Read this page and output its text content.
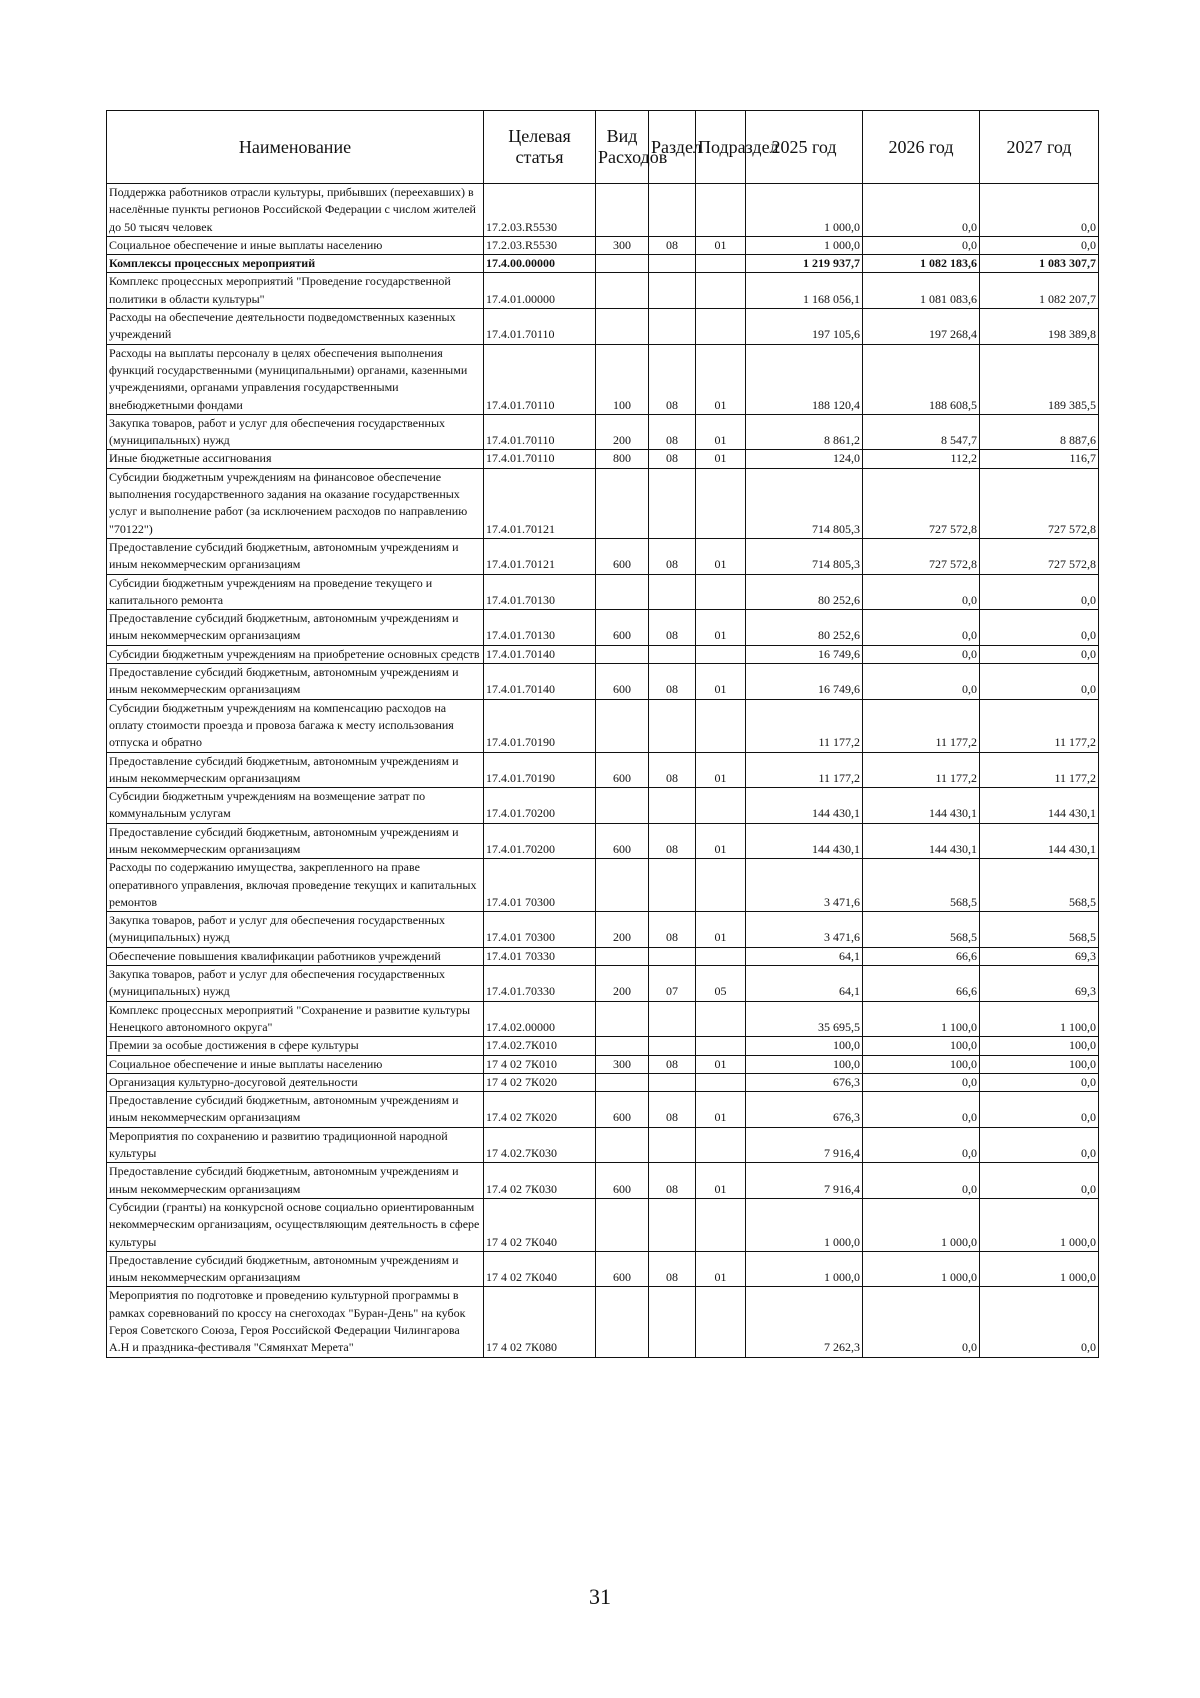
Наименование	Целевая статья	Вид Расходов	Раздел	Подраздел	2025 год	2026 год	2027 год
Поддержка работников отрасли культуры, прибывших (переехавших) в населённые пункты регионов Российской Федерации с числом жителей до 50 тысяч человек	17.2.03.R5530				1 000,0	0,0	0,0
Социальное обеспечение и иные выплаты населению	17.2.03.R5530	300	08	01	1 000,0	0,0	0,0
Комплексы процессных мероприятий	17.4.00.00000				1 219 937,7	1 082 183,6	1 083 307,7
Комплекс процессных мероприятий "Проведение государственной политики в области культуры"	17.4.01.00000				1 168 056,1	1 081 083,6	1 082 207,7
Расходы на обеспечение деятельности подведомственных казенных учреждений	17.4.01.70110				197 105,6	197 268,4	198 389,8
Расходы на выплаты персоналу в целях обеспечения выполнения функций государственными (муниципальными) органами, казенными учреждениями, органами управления государственными внебюджетными фондами	17.4.01.70110	100	08	01	188 120,4	188 608,5	189 385,5
Закупка товаров, работ и услуг для обеспечения государственных (муниципальных) нужд	17.4.01.70110	200	08	01	8 861,2	8 547,7	8 887,6
Иные бюджетные ассигнования	17.4.01.70110	800	08	01	124,0	112,2	116,7
Субсидии бюджетным учреждениям на финансовое обеспечение выполнения государственного задания на оказание государственных услуг и выполнение работ (за исключением расходов по направлению "70122")	17.4.01.70121				714 805,3	727 572,8	727 572,8
Предоставление субсидий бюджетным, автономным учреждениям и иным некоммерческим организациям	17.4.01.70121	600	08	01	714 805,3	727 572,8	727 572,8
Субсидии бюджетным учреждениям на проведение текущего и капитального ремонта	17.4.01.70130				80 252,6	0,0	0,0
Предоставление субсидий бюджетным, автономным учреждениям и иным некоммерческим организациям	17.4.01.70130	600	08	01	80 252,6	0,0	0,0
Субсидии бюджетным учреждениям на приобретение основных средств	17.4.01.70140				16 749,6	0,0	0,0
Предоставление субсидий бюджетным, автономным учреждениям и иным некоммерческим организациям	17.4.01.70140	600	08	01	16 749,6	0,0	0,0
Субсидии бюджетным учреждениям на компенсацию расходов на оплату стоимости проезда и провоза багажа к месту использования отпуска и обратно	17.4.01.70190				11 177,2	11 177,2	11 177,2
Предоставление субсидий бюджетным, автономным учреждениям и иным некоммерческим организациям	17.4.01.70190	600	08	01	11 177,2	11 177,2	11 177,2
Субсидии бюджетным учреждениям на возмещение затрат по коммунальным услугам	17.4.01.70200				144 430,1	144 430,1	144 430,1
Предоставление субсидий бюджетным, автономным учреждениям и иным некоммерческим организациям	17.4.01.70200	600	08	01	144 430,1	144 430,1	144 430,1
Расходы по содержанию имущества, закрепленного на праве оперативного управления, включая проведение текущих и капитальных ремонтов	17.4.01 70300				3 471,6	568,5	568,5
Закупка товаров, работ и услуг для обеспечения государственных (муниципальных) нужд	17.4.01 70300	200	08	01	3 471,6	568,5	568,5
Обеспечение повышения квалификации работников учреждений	17.4.01 70330				64,1	66,6	69,3
Закупка товаров, работ и услуг для обеспечения государственных (муниципальных) нужд	17.4.01.70330	200	07	05	64,1	66,6	69,3
Комплекс процессных мероприятий "Сохранение и развитие культуры Ненецкого автономного округа"	17.4.02.00000				35 695,5	1 100,0	1 100,0
Премии за особые достижения в сфере культуры	17.4.02.7К010				100,0	100,0	100,0
Социальное обеспечение и иные выплаты населению	17 4 02 7К010	300	08	01	100,0	100,0	100,0
Организация культурно-досуговой деятельности	17 4 02 7К020				676,3	0,0	0,0
Предоставление субсидий бюджетным, автономным учреждениям и иным некоммерческим организациям	17.4 02 7К020	600	08	01	676,3	0,0	0,0
Мероприятия по сохранению и развитию традиционной народной культуры	17 4.02.7К030				7 916,4	0,0	0,0
Предоставление субсидий бюджетным, автономным учреждениям и иным некоммерческим организациям	17.4 02 7К030	600	08	01	7 916,4	0,0	0,0
Субсидии (гранты) на конкурсной основе социально ориентированным некоммерческим организациям, осуществляющим деятельность в сфере культуры	17 4 02 7К040				1 000,0	1 000,0	1 000,0
Предоставление субсидий бюджетным, автономным учреждениям и иным некоммерческим организациям	17 4 02 7К040	600	08	01	1 000,0	1 000,0	1 000,0
Мероприятия по подготовке и проведению культурной программы в рамках соревнований по кроссу на снегоходах "Буран-День" на кубок Героя Советского Союза, Героя Российской Федерации Чилингарова А.Н и праздника-фестиваля "Сямянхат Мерета"	17 4 02 7К080				7 262,3	0,0	0,0
31
